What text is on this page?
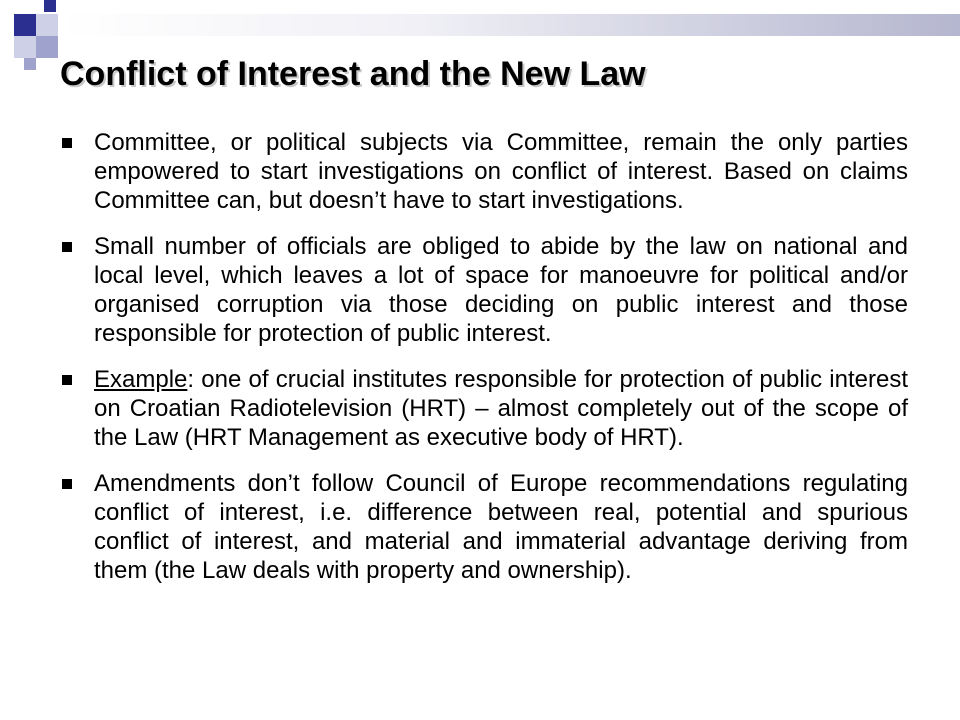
Conflict of Interest and the New Law
Committee, or political subjects via Committee, remain the only parties empowered to start investigations on conflict of interest. Based on claims Committee can, but doesn’t have to start investigations.
Small number of officials are obliged to abide by the law on national and local level, which leaves a lot of space for manoeuvre for political and/or organised corruption via those deciding on public interest and those responsible for protection of public interest.
Example: one of crucial institutes responsible for protection of public interest on Croatian Radiotelevision (HRT) – almost completely out of the scope of the Law (HRT Management as executive body of HRT).
Amendments don’t follow Council of Europe recommendations regulating conflict of interest, i.e. difference between real, potential and spurious conflict of interest, and material and immaterial advantage deriving from them (the Law deals with property and ownership).
